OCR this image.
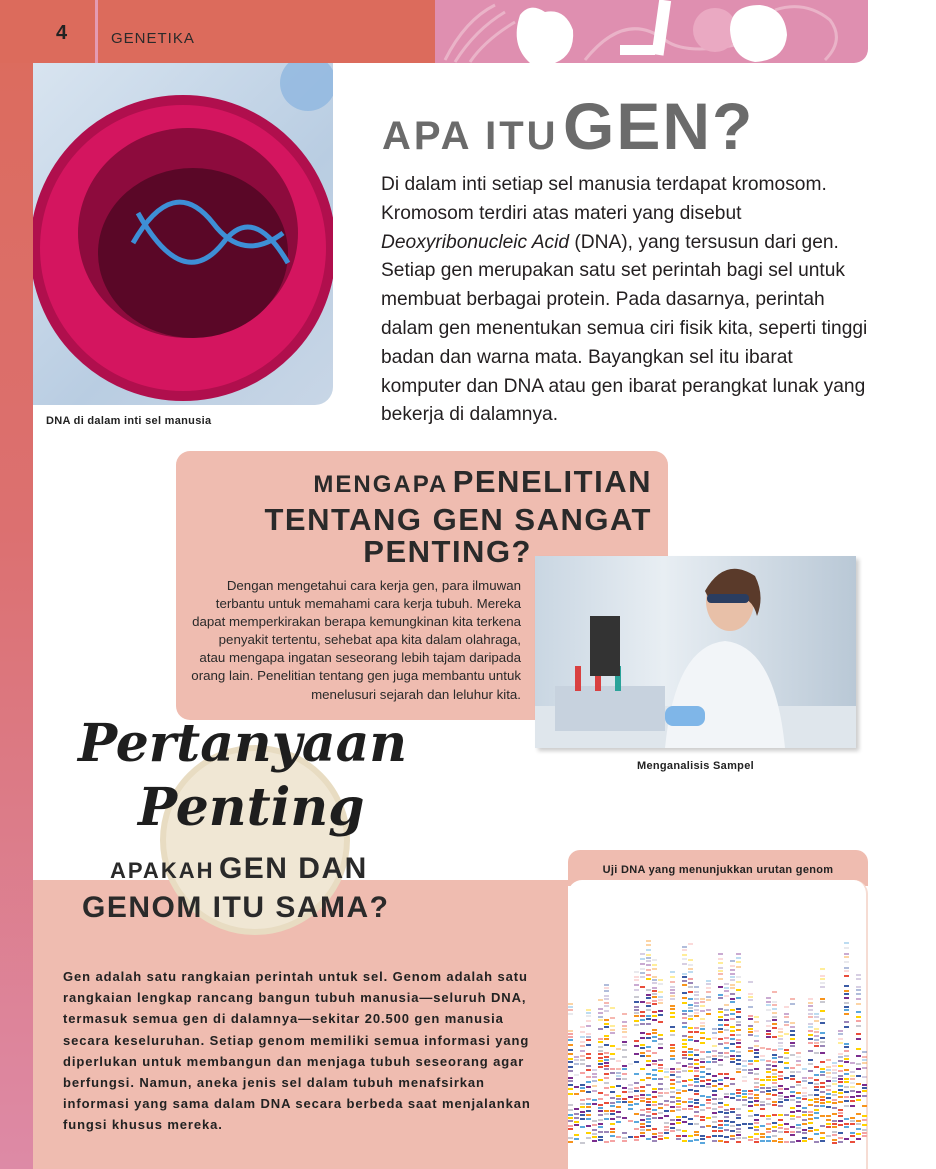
4	GENETIKA
DNA di dalam inti sel manusia
APA ITU GEN?
Di dalam inti setiap sel manusia terdapat kromosom. Kromosom terdiri atas materi yang disebut Deoxyribonucleic Acid (DNA), yang tersusun dari gen. Setiap gen merupakan satu set perintah bagi sel untuk membuat berbagai protein. Pada dasarnya, perintah dalam gen menentukan semua ciri fisik kita, seperti tinggi badan dan warna mata. Bayangkan sel itu ibarat komputer dan DNA atau gen ibarat perangkat lunak yang bekerja di dalamnya.
MENGAPA PENELITIAN
TENTANG GEN SANGAT
PENTING?
Dengan mengetahui cara kerja gen, para ilmuwan terbantu untuk memahami cara kerja tubuh. Mereka dapat memperkirakan berapa kemungkinan kita terkena penyakit tertentu, sehebat apa kita dalam olahraga, atau mengapa ingatan seseorang lebih tajam daripada orang lain. Penelitian tentang gen juga membantu untuk menelusuri sejarah dan leluhur kita.
Menganalisis Sampel
Pertanyaan
Penting
APAKAH GEN DAN
GENOM ITU SAMA?
Gen adalah satu rangkaian perintah untuk sel. Genom adalah satu rangkaian lengkap rancang bangun tubuh manusia—seluruh DNA, termasuk semua gen di dalamnya—sekitar 20.500 gen manusia secara keseluruhan. Setiap genom memiliki semua informasi yang diperlukan untuk membangun dan menjaga tubuh seseorang agar berfungsi. Namun, aneka jenis sel dalam tubuh menafsirkan informasi yang sama dalam DNA secara berbeda saat menjalankan fungsi khusus mereka.
Uji DNA yang menunjukkan urutan genom
